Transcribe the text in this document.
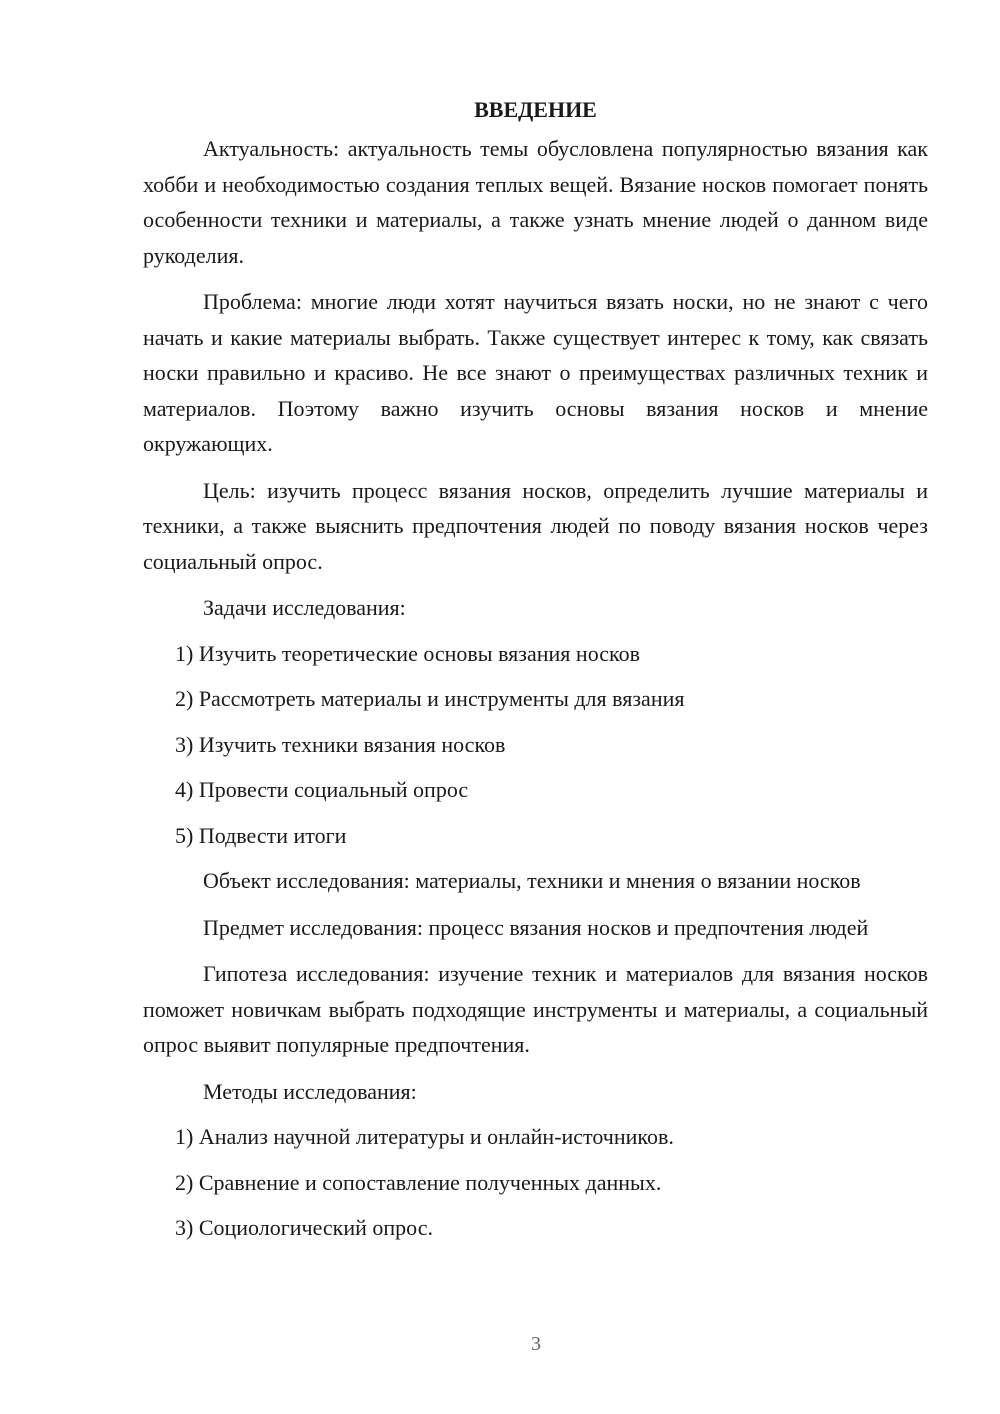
ВВЕДЕНИЕ

Актуальность: актуальность темы обусловлена популярностью вязания как хобби и необходимостью создания теплых вещей. Вязание носков помогает понять особенности техники и материалы, а также узнать мнение людей о данном виде рукоделия.

Проблема: многие люди хотят научиться вязать носки, но не знают с чего начать и какие материалы выбрать. Также существует интерес к тому, как связать носки правильно и красиво. Не все знают о преимуществах различных техник и материалов. Поэтому важно изучить основы вязания носков и мнение окружающих.

Цель: изучить процесс вязания носков, определить лучшие материалы и техники, а также выяснить предпочтения людей по поводу вязания носков через социальный опрос.

Задачи исследования:

1) Изучить теоретические основы вязания носков
2) Рассмотреть материалы и инструменты для вязания
3) Изучить техники вязания носков
4) Провести социальный опрос
5) Подвести итоги

Объект исследования: материалы, техники и мнения о вязании носков

Предмет исследования: процесс вязания носков и предпочтения людей

Гипотеза исследования: изучение техник и материалов для вязания носков поможет новичкам выбрать подходящие инструменты и материалы, а социальный опрос выявит популярные предпочтения.

Методы исследования:

1) Анализ научной литературы и онлайн-источников.
2) Сравнение и сопоставление полученных данных.
3) Социологический опрос.
3
